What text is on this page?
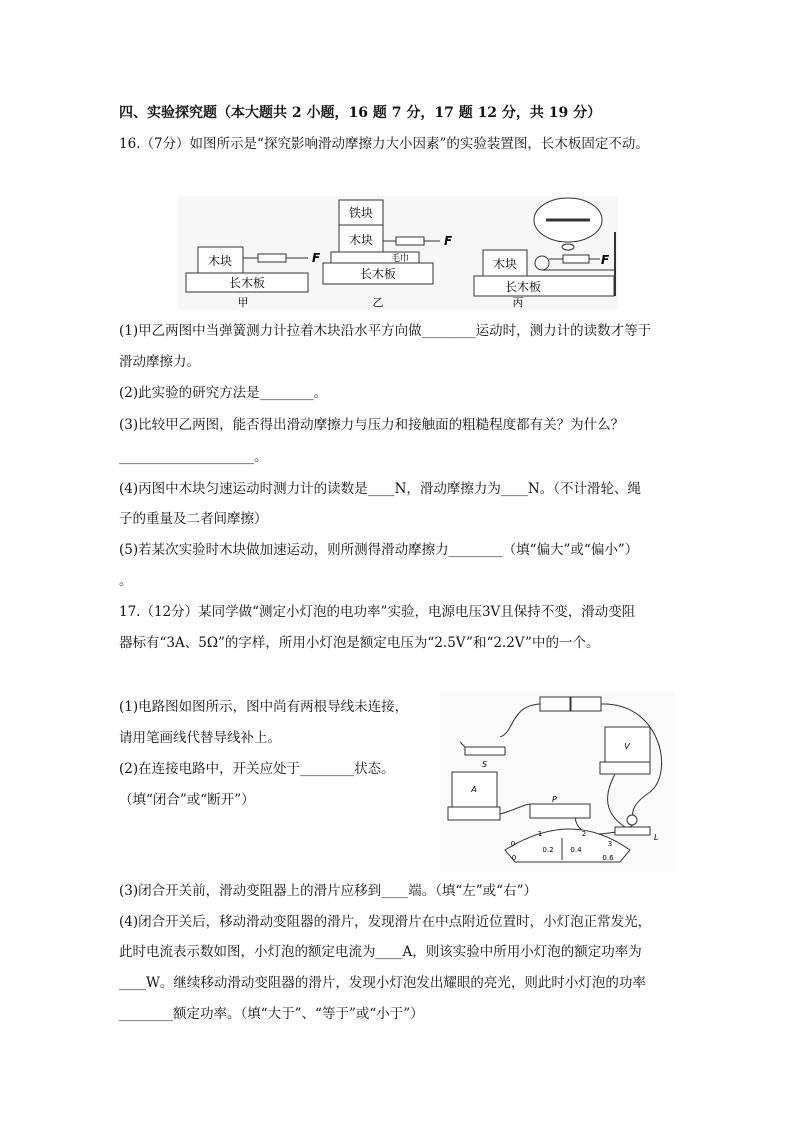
四、实验探究题（本大题共 2 小题，16 题 7 分，17 题 12 分，共 19 分）
16.（7分）如图所示是“探究影响滑动摩擦力大小因素”的实验装置图，长木板固定不动。
木块
长木板
F
甲
铁块
木块
长木板
F
乙
毛巾	木块
长木板
F
丙
(1)甲乙两图中当弹簧测力计拉着木块沿水平方向做________运动时，测力计的读数才等于
滑动摩擦力。
(2)此实验的研究方法是________。
(3)比较甲乙两图，能否得出滑动摩擦力与压力和接触面的粗糙程度都有关？为什么？
____________________。
(4)丙图中木块匀速运动时测力计的读数是____N，滑动摩擦力为____N。（不计滑轮、绳
子的重量及二者间摩擦）
(5)若某次实验时木块做加速运动，则所测得滑动摩擦力________（填“偏大”或“偏小”）
。
17.（12分）某同学做“测定小灯泡的电功率”实验，电源电压3V且保持不变，滑动变阻
器标有“3A、5Ω”的字样，所用小灯泡是额定电压为“2.5V”和“2.2V”中的一个。
(1)电路图如图所示，图中尚有两根导线未连接，
请用笔画线代替导线补上。
(2)在连接电路中，开关应处于________状态。
（填“闭合”或“断开”）
V
A
S
P
L
0
1	2
3
0
0.2 0.4
0.6
(3)闭合开关前，滑动变阻器上的滑片应移到____端。（填“左”或“右”）
(4)闭合开关后，移动滑动变阻器的滑片，发现滑片在中点附近位置时，小灯泡正常发光，
此时电流表示数如图，小灯泡的额定电流为____A，则该实验中所用小灯泡的额定功率为
____W。继续移动滑动变阻器的滑片，发现小灯泡发出耀眼的亮光，则此时小灯泡的功率
________额定功率。（填“大于”、“等于”或“小于”）
